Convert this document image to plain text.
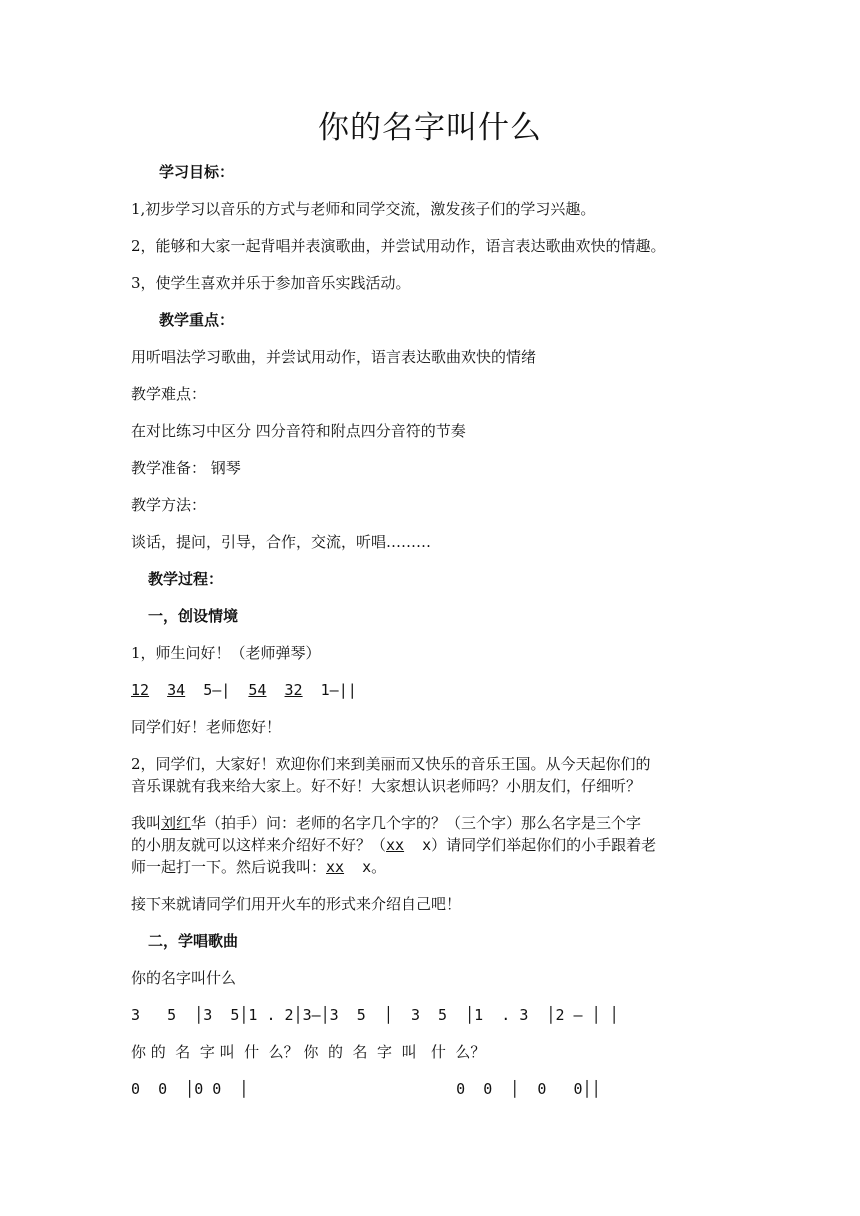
你的名字叫什么
学习目标：
1,初步学习以音乐的方式与老师和同学交流，激发孩子们的学习兴趣。
2，能够和大家一起背唱并表演歌曲，并尝试用动作，语言表达歌曲欢快的情趣。
3，使学生喜欢并乐于参加音乐实践活动。
教学重点：
用听唱法学习歌曲，并尝试用动作，语言表达歌曲欢快的情绪
教学难点：
在对比练习中区分 四分音符和附点四分音符的节奏
教学准备： 钢琴
教学方法：
谈话，提问，引导，合作，交流，听唱………
教学过程：
一，创设情境
1，师生问好！（老师弹琴）
12 34 5—| 54 32 1—||
同学们好！老师您好！
2，同学们，大家好！欢迎你们来到美丽而又快乐的音乐王国。从今天起你们的
音乐课就有我来给大家上。好不好！大家想认识老师吗？小朋友们，仔细听？
我叫刘红华（拍手）问：老师的名字几个字的？（三个字）那么名字是三个字
的小朋友就可以这样来介绍好不好？（xx  x）请同学们举起你们的小手跟着老
师一起打一下。然后说我叫：xx  x。
接下来就请同学们用开火车的形式来介绍自己吧！
二，学唱歌曲
你的名字叫什么
3   5  │3  5│1 . 2│3—│3  5  │  3  5  │1  . 3  │2 — │ │
你 的  名  字 叫  什  么？ 你  的  名  字  叫   什  么？
0  0  │0 0  │                       0  0  │  0   0││
